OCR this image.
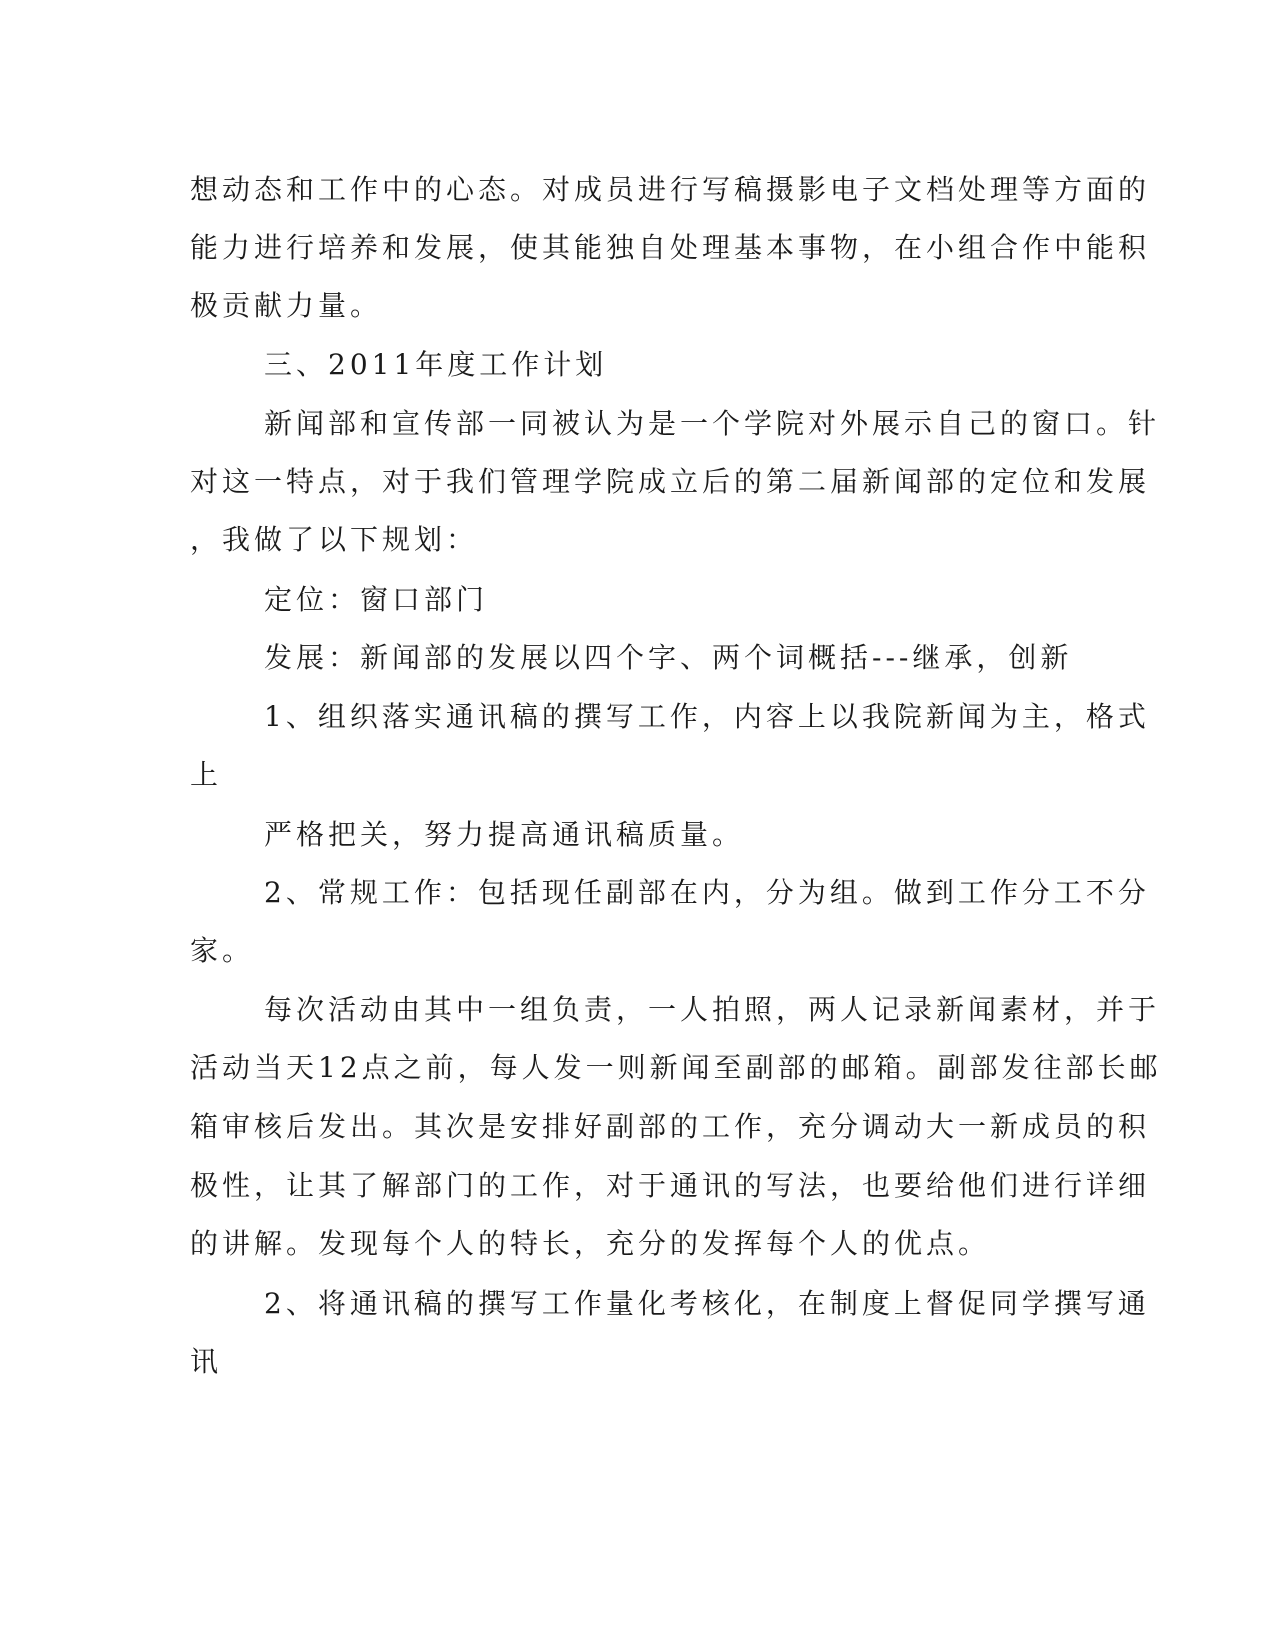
想动态和工作中的心态。对成员进行写稿摄影电子文档处理等方面的
能力进行培养和发展，使其能独自处理基本事物，在小组合作中能积
极贡献力量。
三、2011年度工作计划
新闻部和宣传部一同被认为是一个学院对外展示自己的窗口。针
对这一特点，对于我们管理学院成立后的第二届新闻部的定位和发展
，我做了以下规划：
定位：窗口部门
发展：新闻部的发展以四个字、两个词概括---继承，创新
1、组织落实通讯稿的撰写工作，内容上以我院新闻为主，格式
上
严格把关，努力提高通讯稿质量。
2、常规工作：包括现任副部在内，分为组。做到工作分工不分
家。
每次活动由其中一组负责，一人拍照，两人记录新闻素材，并于
活动当天12点之前，每人发一则新闻至副部的邮箱。副部发往部长邮
箱审核后发出。其次是安排好副部的工作，充分调动大一新成员的积
极性，让其了解部门的工作，对于通讯的写法，也要给他们进行详细
的讲解。发现每个人的特长，充分的发挥每个人的优点。
2、将通讯稿的撰写工作量化考核化，在制度上督促同学撰写通
讯
